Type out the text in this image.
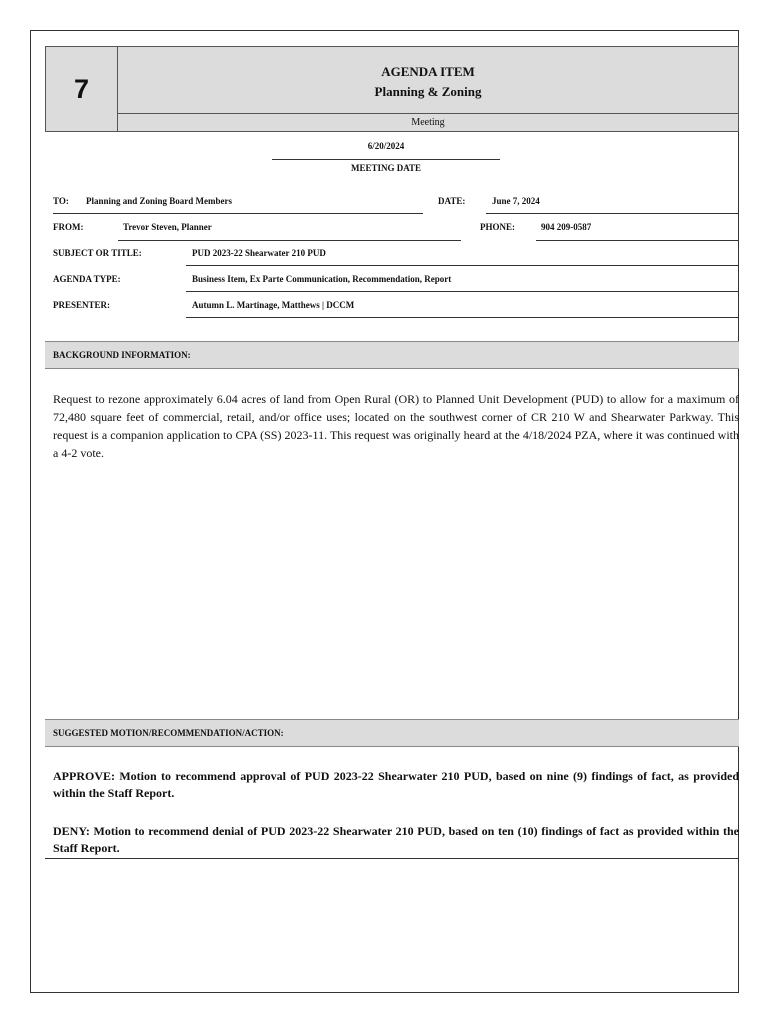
7
AGENDA ITEM
Planning & Zoning
Meeting
6/20/2024
MEETING DATE
TO: Planning and Zoning Board Members	DATE:	June 7, 2024
FROM:	Trevor Steven, Planner	PHONE:	904 209-0587
SUBJECT OR TITLE:	PUD 2023-22 Shearwater 210 PUD
AGENDA TYPE:	Business Item, Ex Parte Communication, Recommendation, Report
PRESENTER:	Autumn L. Martinage, Matthews | DCCM
BACKGROUND INFORMATION:
Request to rezone approximately 6.04 acres of land from Open Rural (OR) to Planned Unit Development (PUD) to allow for a maximum of 72,480 square feet of commercial, retail, and/or office uses; located on the southwest corner of CR 210 W and Shearwater Parkway. This request is a companion application to CPA (SS) 2023-11. This request was originally heard at the 4/18/2024 PZA, where it was continued with a 4-2 vote.
SUGGESTED MOTION/RECOMMENDATION/ACTION:
APPROVE: Motion to recommend approval of PUD 2023-22 Shearwater 210 PUD, based on nine (9) findings of fact, as provided within the Staff Report.
DENY: Motion to recommend denial of PUD 2023-22 Shearwater 210 PUD, based on ten (10) findings of fact as provided within the Staff Report.
